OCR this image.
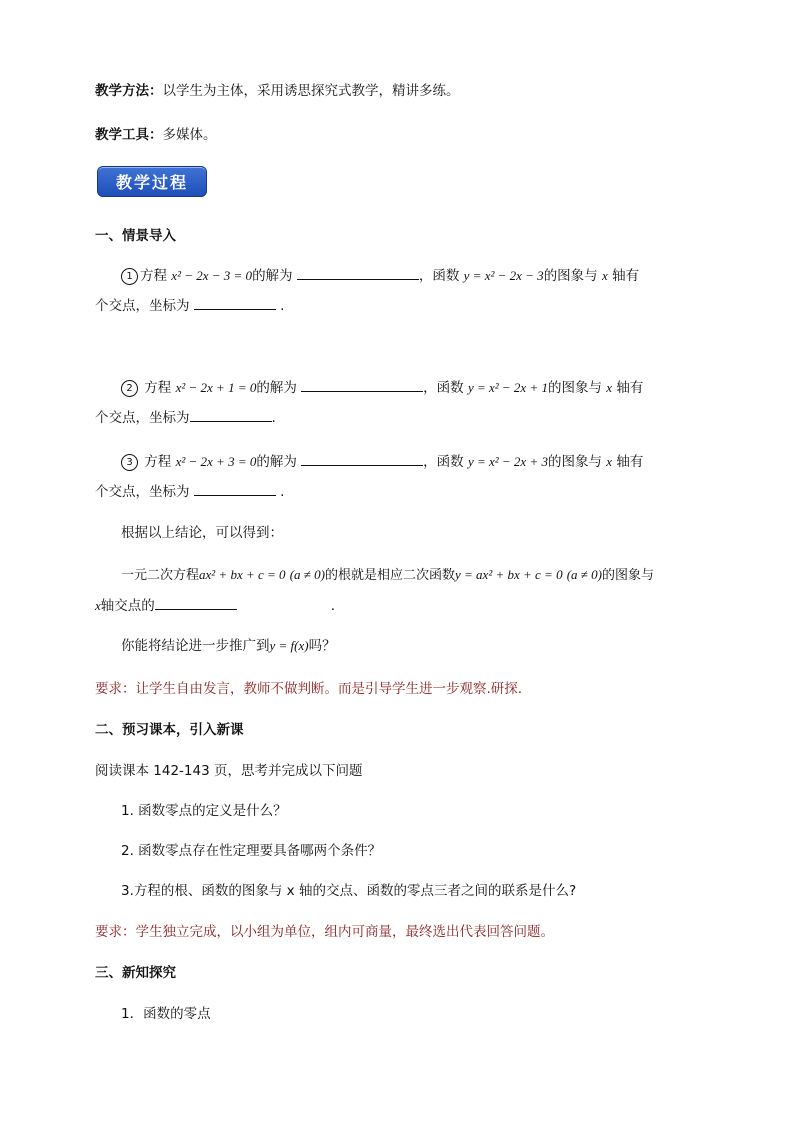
教学方法：以学生为主体，采用诱思探究式教学，精讲多练。
教学工具：多媒体。
教学过程
一、情景导入
1 方程 x² − 2x − 3 = 0的解为	，函数 y = x² − 2x − 3的图象与 x 轴有
个交点，坐标为	.
2 方程 x² − 2x + 1 = 0的解为	，函数 y = x² − 2x + 1的图象与 x 轴有
个交点，坐标为	.
3 方程 x² − 2x + 3 = 0的解为	，函数 y = x² − 2x + 3的图象与 x 轴有
个交点，坐标为	.
根据以上结论，可以得到：
一元二次方程ax² + bx + c = 0 (a ≠ 0)的根就是相应二次函数y = ax² + bx + c = 0 (a ≠ 0)的图象与
x轴交点的	.
你能将结论进一步推广到y = f(x)吗？
要求：让学生自由发言，教师不做判断。而是引导学生进一步观察.研探.
二、预习课本，引入新课
阅读课本 142-143 页，思考并完成以下问题
1. 函数零点的定义是什么？
2. 函数零点存在性定理要具备哪两个条件？
3.方程的根、函数的图象与 x 轴的交点、函数的零点三者之间的联系是什么?
要求：学生独立完成，以小组为单位，组内可商量，最终选出代表回答问题。
三、新知探究
1．函数的零点
